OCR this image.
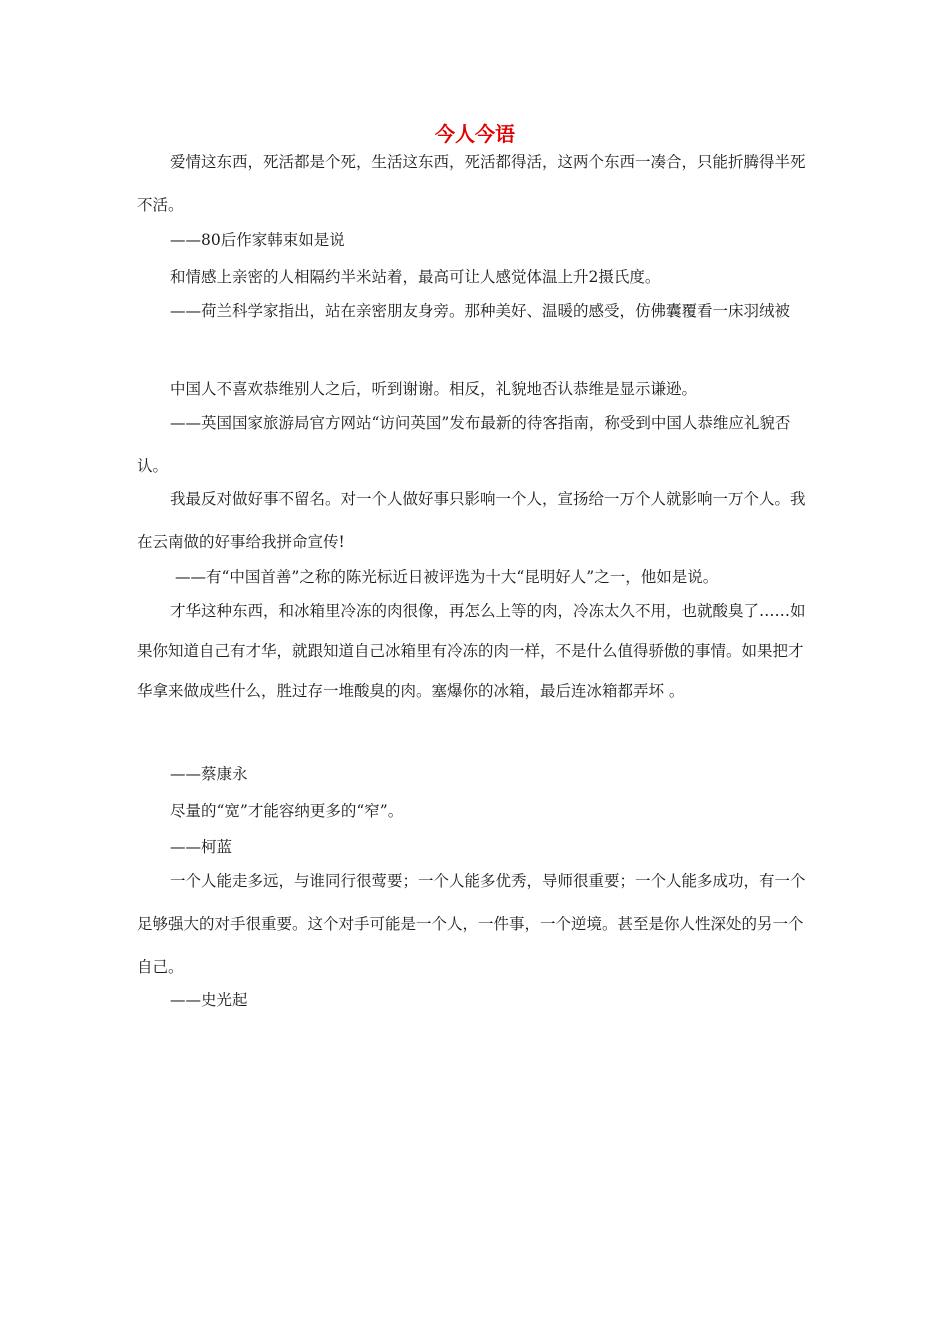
今人今语

爱情这东西，死活都是个死，生活这东西，死活都得活，这两个东西一凑合，只能折腾得半死不活。

——80后作家韩束如是说

和情感上亲密的人相隔约半米站着，最高可让人感觉体温上升2摄氏度。

——荷兰科学家指出，站在亲密朋友身旁。那种美好、温暖的感受，仿佛囊覆看一床羽绒被

中国人不喜欢恭维别人之后，听到谢谢。相反，礼貌地否认恭维是显示谦逊。

——英国国家旅游局官方网站“访问英国”发布最新的待客指南，称受到中国人恭维应礼貌否认。

我最反对做好事不留名。对一个人做好事只影响一个人，宣扬给一万个人就影响一万个人。我在云南做的好事给我拼命宣传!

——有“中国首善”之称的陈光标近日被评选为十大“昆明好人”之一，他如是说。

才华这种东西，和冰箱里冷冻的肉很像，再怎么上等的肉，冷冻太久不用，也就酸臭了……如果你知道自己有才华，就跟知道自己冰箱里有冷冻的肉一样，不是什么值得骄傲的事情。如果把才华拿来做成些什么，胜过存一堆酸臭的肉。塞爆你的冰箱，最后连冰箱都弄坏 。

——蔡康永

尽量的“宽”才能容纳更多的“窄”。

——柯蓝

一个人能走多远，与谁同行很莺要；一个人能多优秀，导师很重要；一个人能多成功，有一个足够强大的对手很重要。这个对手可能是一个人，一件事，一个逆境。甚至是你人性深处的另一个自己。

——史光起
